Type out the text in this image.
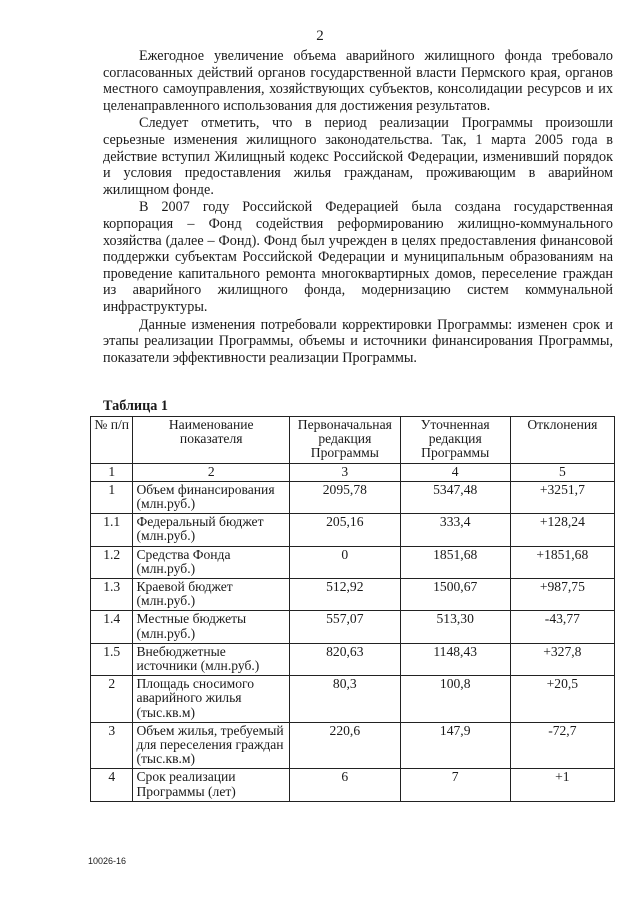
2

Ежегодное увеличение объема аварийного жилищного фонда требовало согласованных действий органов государственной власти Пермского края, органов местного самоуправления, хозяйствующих субъектов, консолидации ресурсов и их целенаправленного использования для достижения результатов.

Следует отметить, что в период реализации Программы произошли серьезные изменения жилищного законодательства. Так, 1 марта 2005 года в действие вступил Жилищный кодекс Российской Федерации, изменивший порядок и условия предоставления жилья гражданам, проживающим в аварийном жилищном фонде.

В 2007 году Российской Федерацией была создана государственная корпорация – Фонд содействия реформированию жилищно-коммунального хозяйства (далее – Фонд). Фонд был учрежден в целях предоставления финансовой поддержки субъектам Российской Федерации и муниципальным образованиям на проведение капитального ремонта многоквартирных домов, переселение граждан из аварийного жилищного фонда, модернизацию систем коммунальной инфраструктуры.

Данные изменения потребовали корректировки Программы: изменен срок и этапы реализации Программы, объемы и источники финансирования Программы, показатели эффективности реализации Программы.

Таблица 1
№ п/п	Наименование показателя	Первоначальная редакция Программы	Уточненная редакция Программы	Отклонения
1	2	3	4	5
1	Объем финансирования (млн.руб.)	2095,78	5347,48	+3251,7
1.1	Федеральный бюджет (млн.руб.)	205,16	333,4	+128,24
1.2	Средства Фонда (млн.руб.)	0	1851,68	+1851,68
1.3	Краевой бюджет (млн.руб.)	512,92	1500,67	+987,75
1.4	Местные бюджеты (млн.руб.)	557,07	513,30	-43,77
1.5	Внебюджетные источники (млн.руб.)	820,63	1148,43	+327,8
2	Площадь сносимого аварийного жилья (тыс.кв.м)	80,3	100,8	+20,5
3	Объем жилья, требуемый для переселения граждан (тыс.кв.м)	220,6	147,9	-72,7
4	Срок реализации Программы (лет)	6	7	+1
10026-16
